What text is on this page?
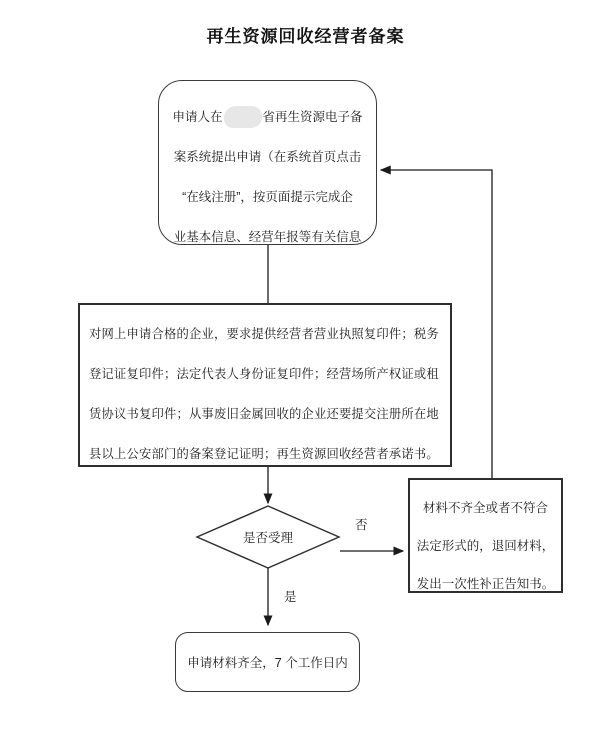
再生资源回收经营者备案
申请人在	省再生资源电子备
案系统提出申请（在系统首页点击
“在线注册”，按页面提示完成企
业基本信息、经营年报等有关信息
对网上申请合格的企业，要求提供经营者营业执照复印件；税务
登记证复印件；法定代表人身份证复印件；经营场所产权证或租
赁协议书复印件；从事废旧金属回收的企业还要提交注册所在地
县以上公安部门的备案登记证明；再生资源回收经营者承诺书。
是否受理
否
是
材料不齐全或者不符合
法定形式的，退回材料，
发出一次性补正告知书。
申请材料齐全，7 个工作日内
